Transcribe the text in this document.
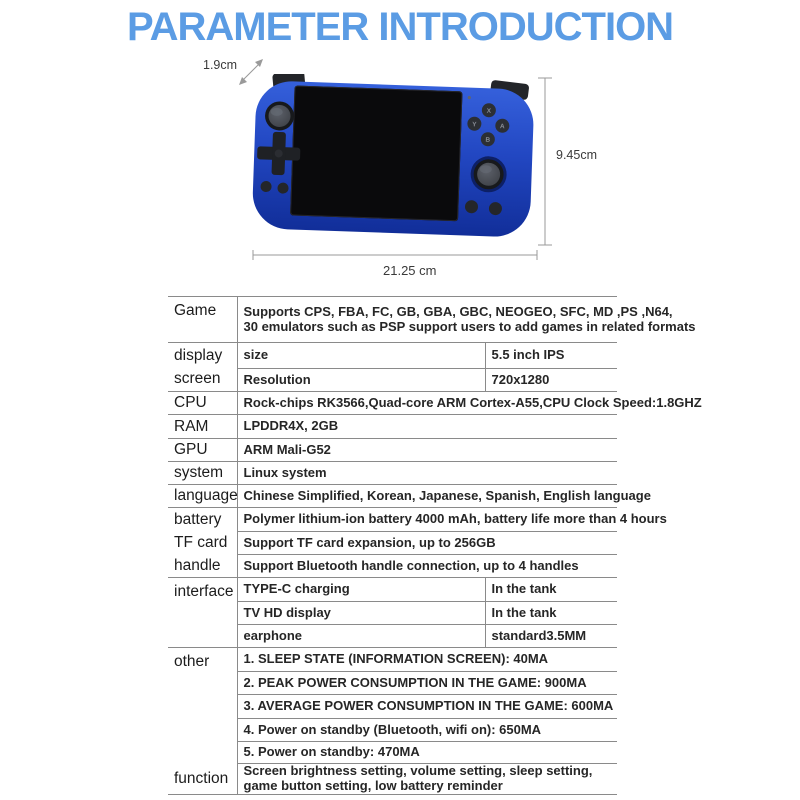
PARAMETER INTRODUCTION
1.9cm
9.45cm
21.25 cm
X
Y	A
B
Game	Supports CPS, FBA, FC, GB, GBA, GBC, NEOGEO, SFC, MD ,PS ,N64,
30 emulators such as PSP support users to add games in related formats	

display
screen	size	5.5 inch IPS
	Resolution	720x1280
CPU	Rock-chips RK3566,Quad-core ARM Cortex-A55,CPU Clock Speed:1.8GHZ	
RAM	LPDDR4X, 2GB	
GPU	ARM Mali-G52	
system	Linux system	
language	Chinese Simplified, Korean, Japanese, Spanish, English language	
battery	Polymer lithium-ion battery 4000 mAh, battery life more than 4 hours	
TF card	Support TF card expansion, up to 256GB	
handle	Support Bluetooth handle connection, up to 4 handles	
interface	TYPE-C charging	In the tank
	TV HD display	In the tank
	earphone	standard3.5MM
other	1. SLEEP STATE (INFORMATION SCREEN): 40MA	
	2. PEAK POWER CONSUMPTION IN THE GAME: 900MA	
	3. AVERAGE POWER CONSUMPTION IN THE GAME: 600MA	
	4. Power on standby (Bluetooth, wifi on): 650MA	
	5. Power on standby: 470MA	
function	Screen brightness setting, volume setting, sleep setting, game button setting, low battery reminder	
